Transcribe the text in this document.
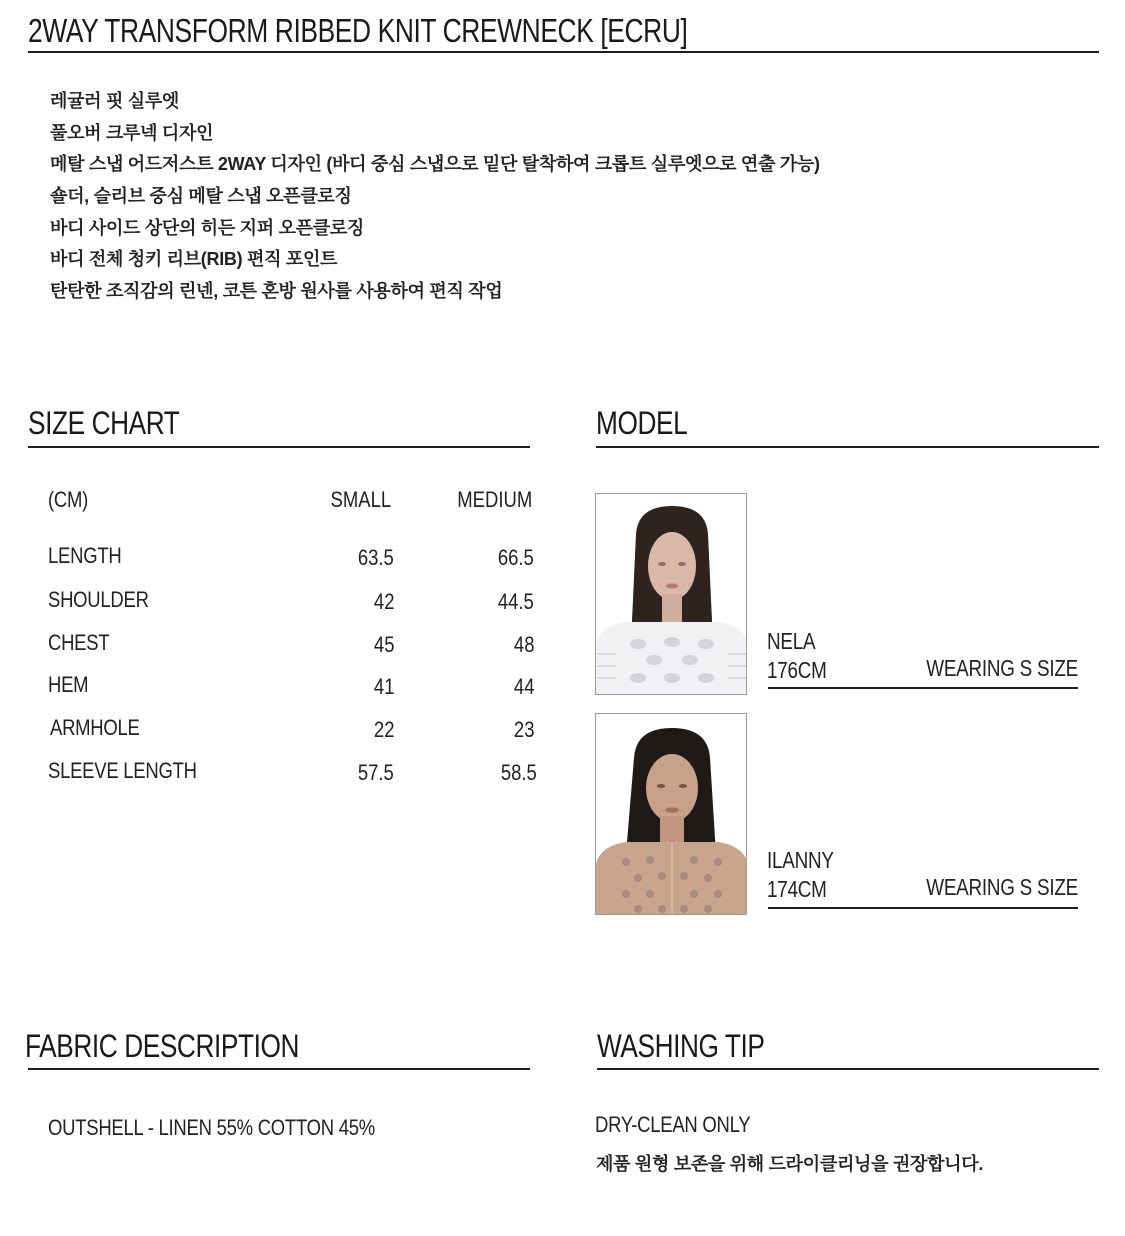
2WAY TRANSFORM RIBBED KNIT CREWNECK [ECRU]
레귤러 핏 실루엣
풀오버 크루넥 디자인
메탈 스냅 어드저스트 2WAY 디자인 (바디 중심 스냅으로 밑단 탈착하여 크롭트 실루엣으로 연출 가능)
숄더, 슬리브 중심 메탈 스냅 오픈클로징
바디 사이드 상단의 히든 지퍼 오픈클로징
바디 전체 청키 리브(RIB) 편직 포인트
탄탄한 조직감의 린넨, 코튼 혼방 원사를 사용하여 편직 작업
SIZE CHART
(CM)	SMALL	MEDIUM
LENGTH	63.5	66.5
SHOULDER	42	44.5
CHEST	45	48
HEM	41	44
ARMHOLE	22	23
SLEEVE LENGTH	57.5	58.5
MODEL
NELA
176CM	WEARING S SIZE
ILANNY
174CM	WEARING S SIZE
FABRIC DESCRIPTION
OUTSHELL - LINEN 55% COTTON 45%
WASHING TIP
DRY-CLEAN ONLY
제품 원형 보존을 위해 드라이클리닝을 권장합니다.
